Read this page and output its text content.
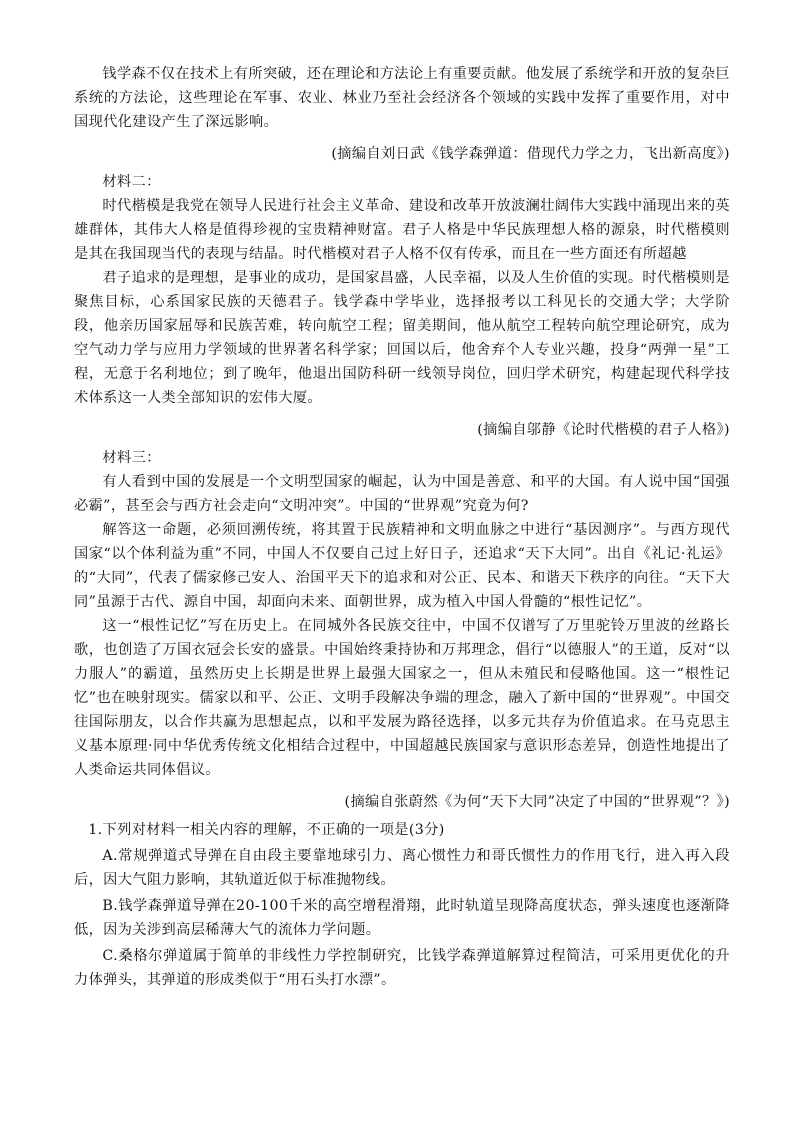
钱学森不仅在技术上有所突破，还在理论和方法论上有重要贡献。他发展了系统学和开放的复杂巨系统的方法论，这些理论在军事、农业、林业乃至社会经济各个领域的实践中发挥了重要作用，对中国现代化建设产生了深远影响。

(摘编自刘日武《钱学森弹道：借现代力学之力，飞出新高度》)

材料二：

时代楷模是我党在领导人民进行社会主义革命、建设和改革开放波澜壮阔伟大实践中涌现出来的英雄群体，其伟大人格是值得珍视的宝贵精神财富。君子人格是中华民族理想人格的源泉，时代楷模则是其在我国现当代的表现与结晶。时代楷模对君子人格不仅有传承，而且在一些方面还有所超越

君子追求的是理想，是事业的成功，是国家昌盛，人民幸福，以及人生价值的实现。时代楷模则是聚焦目标，心系国家民族的天德君子。钱学森中学毕业，选择报考以工科见长的交通大学；大学阶段，他亲历国家屈辱和民族苦难，转向航空工程；留美期间，他从航空工程转向航空理论研究，成为空气动力学与应用力学领域的世界著名科学家；回国以后，他舍弃个人专业兴趣，投身“两弹一星”工程，无意于名利地位；到了晚年，他退出国防科研一线领导岗位，回归学术研究，构建起现代科学技术体系这一人类全部知识的宏伟大厦。

(摘编自邬静《论时代楷模的君子人格》)

材料三：

有人看到中国的发展是一个文明型国家的崛起，认为中国是善意、和平的大国。有人说中国“国强必霸”，甚至会与西方社会走向“文明冲突”。中国的“世界观”究竟为何?

解答这一命题，必须回溯传统，将其置于民族精神和文明血脉之中进行“基因测序”。与西方现代国家“以个体利益为重”不同，中国人不仅要自己过上好日子，还追求“天下大同”。出自《礼记·礼运》的“大同”，代表了儒家修己安人、治国平天下的追求和对公正、民本、和谐天下秩序的向往。“天下大同”虽源于古代、源自中国，却面向未来、面朝世界，成为植入中国人骨髓的“根性记忆”。

这一“根性记忆”写在历史上。在同城外各民族交往中，中国不仅谱写了万里驼铃万里波的丝路长歌，也创造了万国衣冠会长安的盛景。中国始终秉持协和万邦理念，倡行“以德服人”的王道，反对“以力服人”的霸道，虽然历史上长期是世界上最强大国家之一，但从未殖民和侵略他国。这一“根性记忆”也在映射现实。儒家以和平、公正、文明手段解决争端的理念，融入了新中国的“世界观”。中国交往国际朋友，以合作共赢为思想起点，以和平发展为路径选择，以多元共存为价值追求。在马克思主义基本原理·同中华优秀传统文化相结合过程中，中国超越民族国家与意识形态差异，创造性地提出了人类命运共同体倡议。

(摘编自张蔚然《为何“天下大同”决定了中国的“世界观”？》)

1.下列对材料一相关内容的理解，不正确的一项是(3分)

A.常规弹道式导弹在自由段主要靠地球引力、离心惯性力和哥氏惯性力的作用飞行，进入再入段后，因大气阻力影响，其轨道近似于标准抛物线。

B.钱学森弹道导弹在20-100千米的高空增程滑翔，此时轨道呈现降高度状态，弹头速度也逐渐降低，因为关涉到高层稀薄大气的流体力学问题。

C.桑格尔弹道属于简单的非线性力学控制研究，比钱学森弹道解算过程简洁，可采用更优化的升力体弹头，其弹道的形成类似于“用石头打水漂”。
